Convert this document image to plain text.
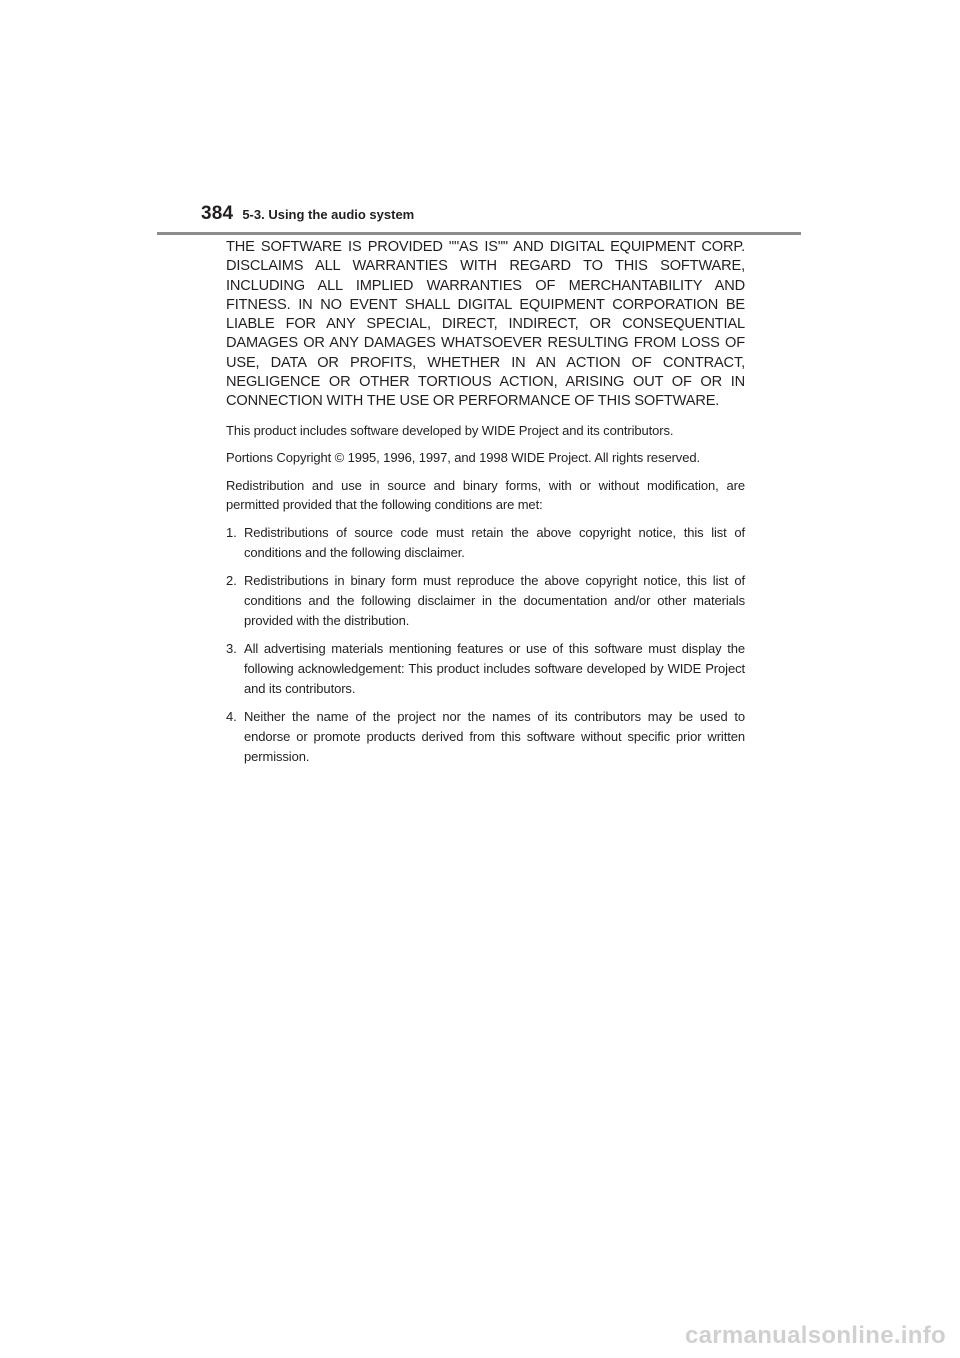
384 5-3. Using the audio system

THE SOFTWARE IS PROVIDED ""AS IS"" AND DIGITAL EQUIPMENT CORP. DISCLAIMS ALL WARRANTIES WITH REGARD TO THIS SOFTWARE, INCLUDING ALL IMPLIED WARRANTIES OF MERCHANTABILITY AND FITNESS. IN NO EVENT SHALL DIGITAL EQUIPMENT CORPORATION BE LIABLE FOR ANY SPECIAL, DIRECT, INDIRECT, OR CONSEQUENTIAL DAMAGES OR ANY DAMAGES WHATSOEVER RESULTING FROM LOSS OF USE, DATA OR PROFITS, WHETHER IN AN ACTION OF CONTRACT, NEGLIGENCE OR OTHER TORTIOUS ACTION, ARISING OUT OF OR IN CONNECTION WITH THE USE OR PERFORMANCE OF THIS SOFTWARE.

This product includes software developed by WIDE Project and its contributors.

Portions Copyright © 1995, 1996, 1997, and 1998 WIDE Project. All rights reserved.

Redistribution and use in source and binary forms, with or without modification, are permitted provided that the following conditions are met:

1. Redistributions of source code must retain the above copyright notice, this list of conditions and the following disclaimer.
2. Redistributions in binary form must reproduce the above copyright notice, this list of conditions and the following disclaimer in the documentation and/or other materials provided with the distribution.
3. All advertising materials mentioning features or use of this software must display the following acknowledgement: This product includes software developed by WIDE Project and its contributors.
4. Neither the name of the project nor the names of its contributors may be used to endorse or promote products derived from this software without specific prior written permission.
carmanualsonline.info
